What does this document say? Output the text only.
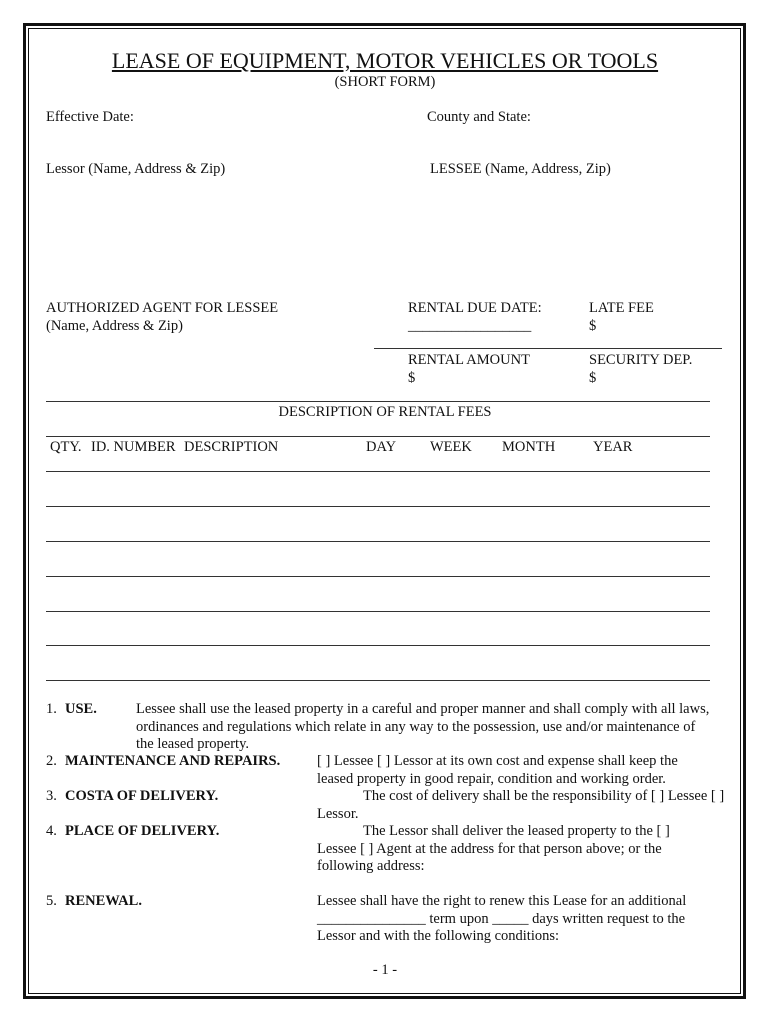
LEASE OF EQUIPMENT, MOTOR VEHICLES OR TOOLS
(SHORT FORM)
Effective Date:	County and State:
Lessor (Name, Address & Zip)	LESSEE (Name, Address, Zip)
AUTHORIZED AGENT FOR LESSEE
(Name, Address & Zip)
RENTAL DUE DATE:
_________________
LATE FEE
$
RENTAL AMOUNT
$
SECURITY DEP.
$
DESCRIPTION OF RENTAL FEES
QTY. ID. NUMBER DESCRIPTION	DAY WEEK MONTH	YEAR
1. USE.	Lessee shall use the leased property in a careful and proper manner and shall comply with all laws, ordinances and regulations which relate in any way to the possession, use and/or maintenance of the leased property.
2. MAINTENANCE AND REPAIRS.	[ ] Lessee [ ] Lessor at its own cost and expense shall keep the leased property in good repair, condition and working order.
3. COSTA OF DELIVERY.	The cost of delivery shall be the responsibility of [ ] Lessee [ ] Lessor.
4. PLACE OF DELIVERY.	The Lessor shall deliver the leased property to the [ ] Lessee [ ] Agent at the address for that person above; or the following address:
5. RENEWAL.	Lessee shall have the right to renew this Lease for an additional _______________ term upon _____ days written request to the Lessor and with the following conditions:
- 1 -
